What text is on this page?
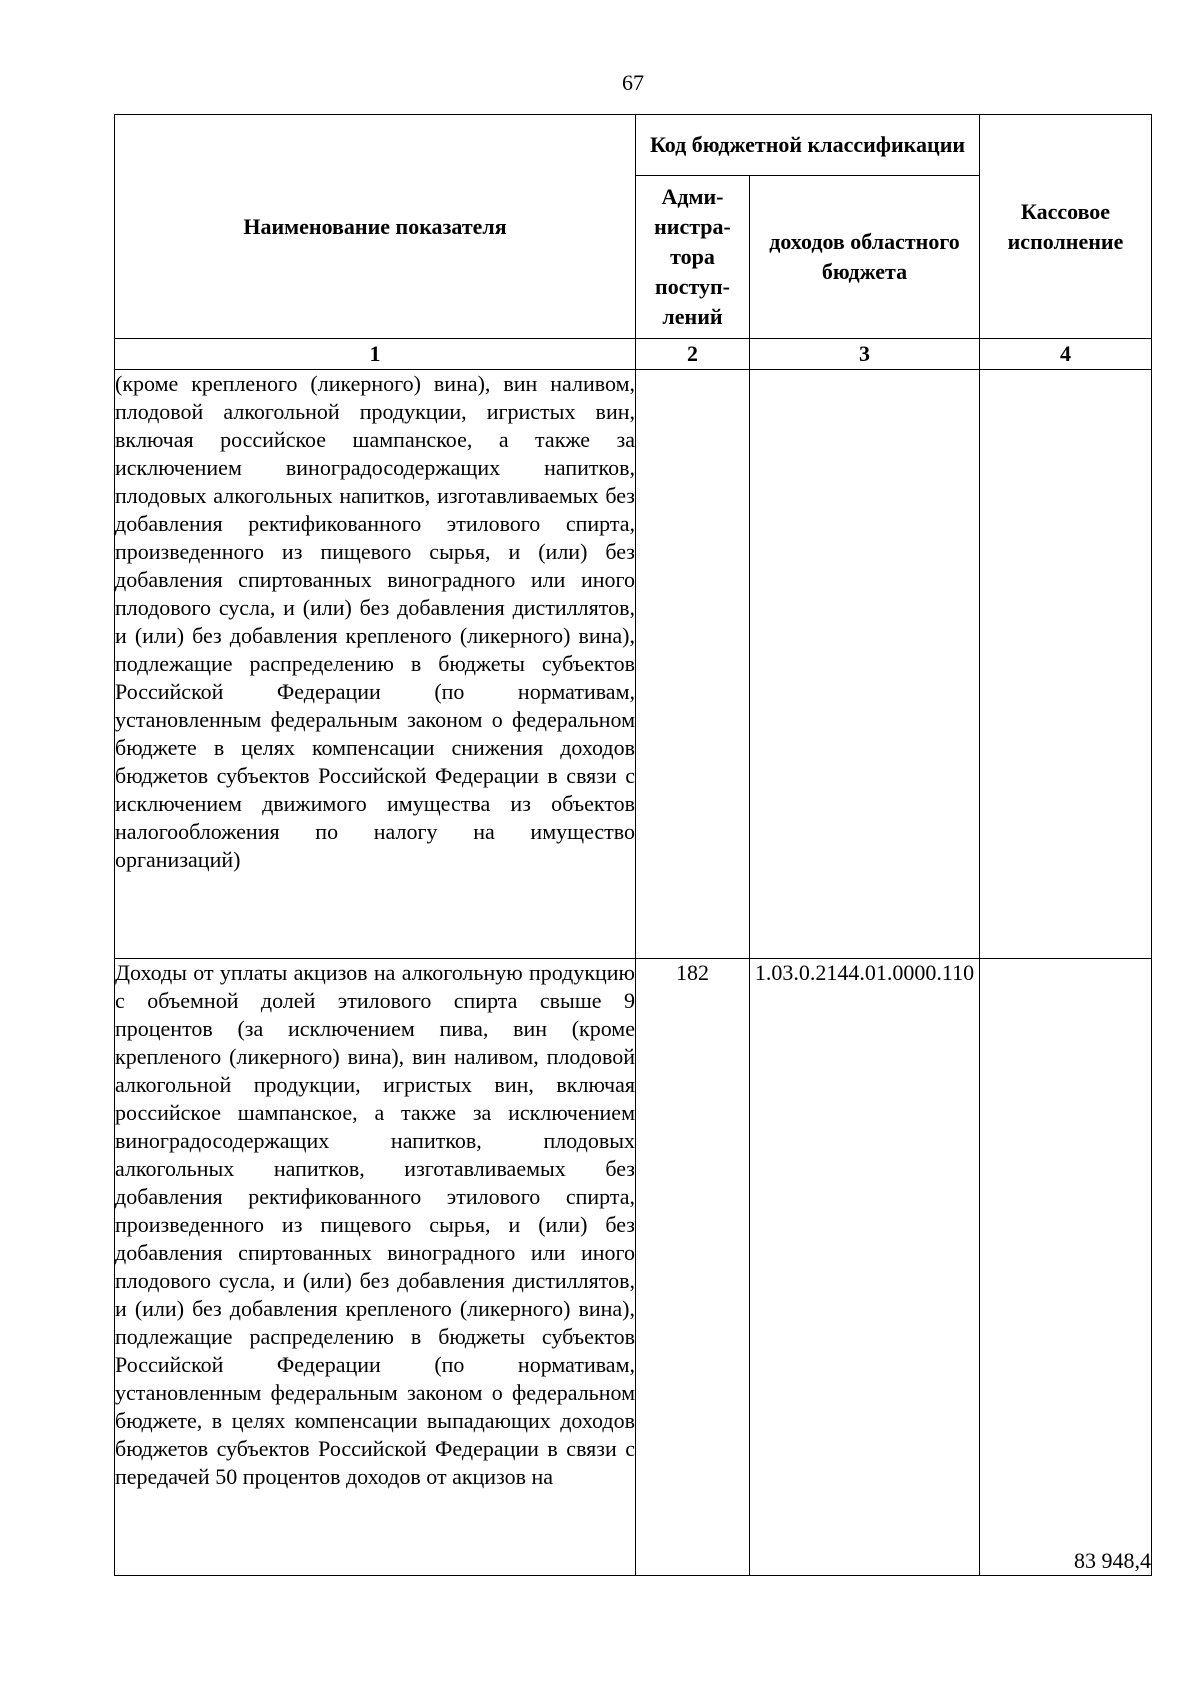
67
Наименование показателя	Код бюджетной классификации		Кассовое исполнение
	Адми-нистра-тора поступ-лений	доходов областного бюджета	
1	2	3	4
(кроме крепленого (ликерного) вина), вин наливом, плодовой алкогольной продукции, игристых вин, включая российское шампанское, а также за исключением виноградосодержащих напитков, плодовых алкогольных напитков, изготавливаемых без добавления ректификованного этилового спирта, произведенного из пищевого сырья, и (или) без добавления спиртованных виноградного или иного плодового сусла, и (или) без добавления дистиллятов, и (или) без добавления крепленого (ликерного) вина), подлежащие распределению в бюджеты субъектов Российской Федерации (по нормативам, установленным федеральным законом о федеральном бюджете в целях компенсации снижения доходов бюджетов субъектов Российской Федерации в связи с исключением движимого имущества из объектов налогообложения по налогу на имущество организаций)			
Доходы от уплаты акцизов на алкогольную продукцию с объемной долей этилового спирта свыше 9 процентов (за исключением пива, вин (кроме крепленого (ликерного) вина), вин наливом, плодовой алкогольной продукции, игристых вин, включая российское шампанское, а также за исключением виноградосодержащих напитков, плодовых алкогольных напитков, изготавливаемых без добавления ректификованного этилового спирта, произведенного из пищевого сырья, и (или) без добавления спиртованных виноградного или иного плодового сусла, и (или) без добавления дистиллятов, и (или) без добавления крепленого (ликерного) вина), подлежащие распределению в бюджеты субъектов Российской Федерации (по нормативам, установленным федеральным законом о федеральном бюджете, в целях компенсации выпадающих доходов бюджетов субъектов Российской Федерации в связи с передачей 50 процентов доходов от акцизов на	182	1.03.0.2144.01.0000.110	83 948,4
